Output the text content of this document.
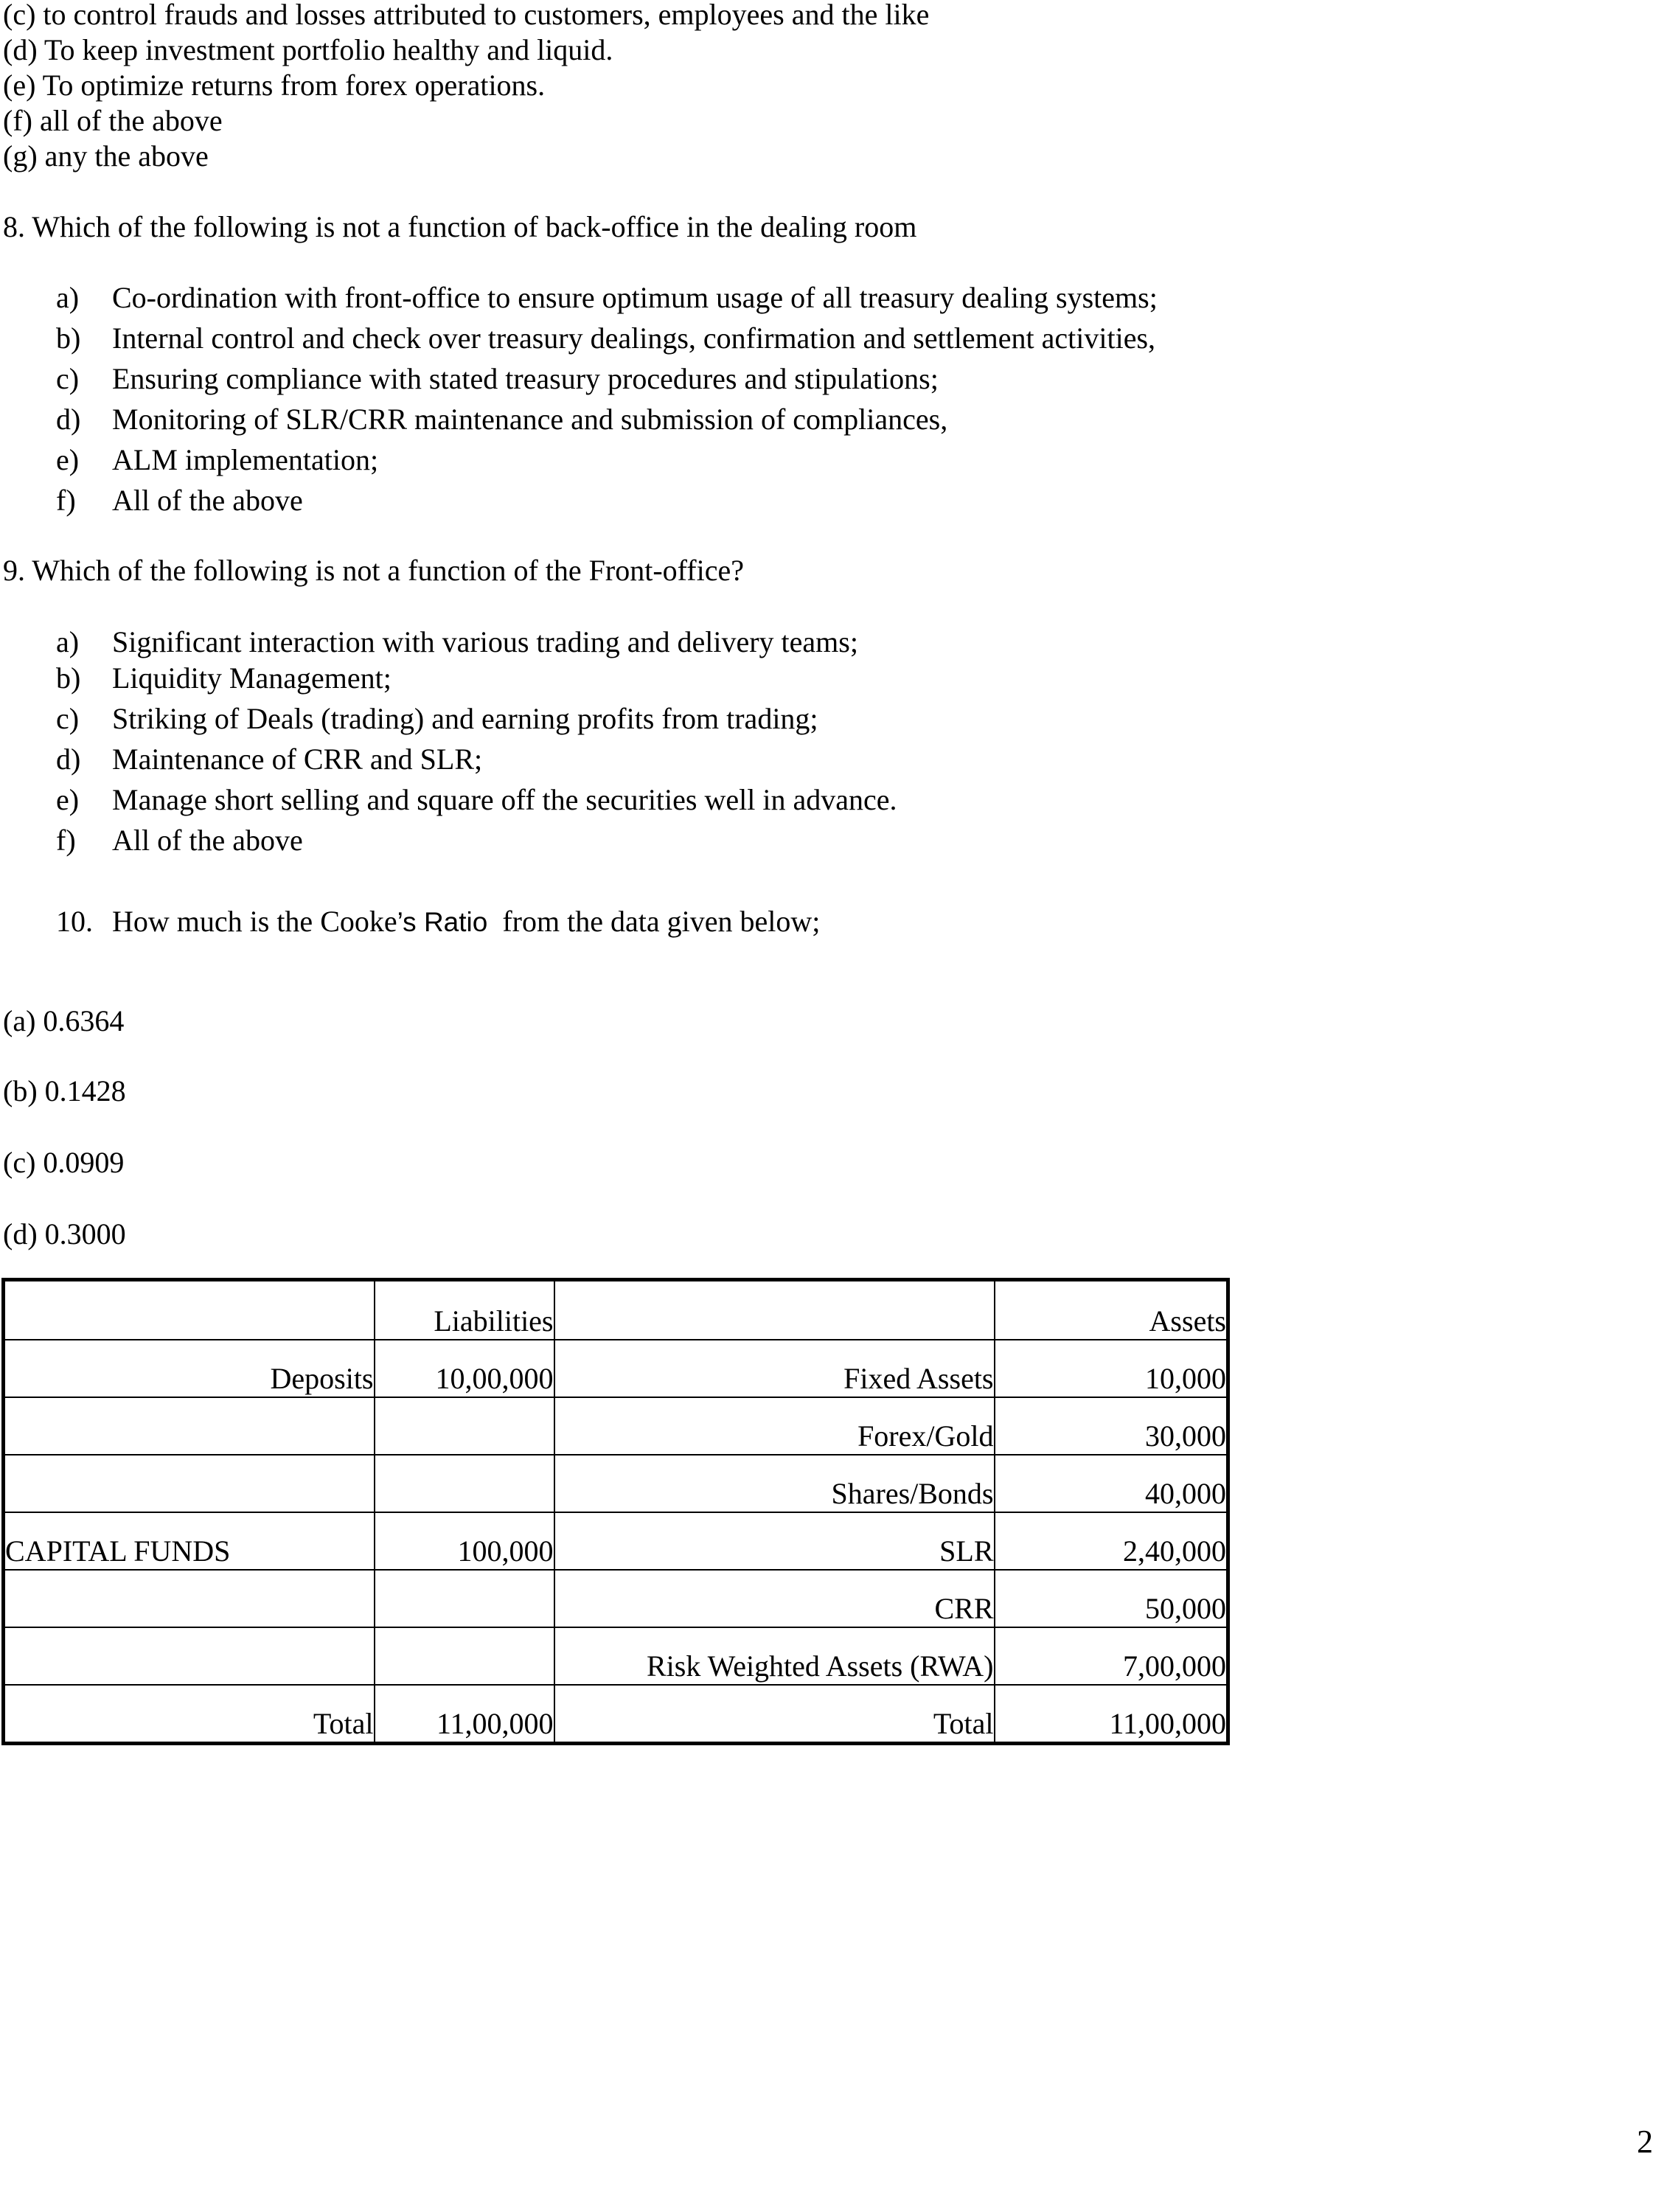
(c) to control frauds and losses attributed to customers, employees and the like
(d) To keep investment portfolio healthy and liquid.
(e) To optimize returns from forex operations.
(f) all of the above
(g) any the above
8. Which of the following is not a function of back-office in the dealing room
a) Co-ordination with front-office to ensure optimum usage of all treasury dealing systems;
b) Internal control and check over treasury dealings, confirmation and settlement activities,
c) Ensuring compliance with stated treasury procedures and stipulations;
d) Monitoring of SLR/CRR maintenance and submission of compliances,
e) ALM implementation;
f) All of the above
9. Which of the following is not a function of the Front-office?
a) Significant interaction with various trading and delivery teams;
b) Liquidity Management;
c) Striking of Deals (trading) and earning profits from trading;
d) Maintenance of CRR and SLR;
e) Manage short selling and square off the securities well in advance.
f) All of the above
10. How much is the Cooke’s Ratio  from the data given below;
(a) 0.6364
(b) 0.1428
(c) 0.0909
(d) 0.3000
	Liabilities		Assets
Deposits	10,00,000	Fixed Assets	10,000
		Forex/Gold	30,000
		Shares/Bonds	40,000
CAPITAL FUNDS	100,000	SLR	2,40,000
		CRR	50,000
		Risk Weighted Assets (RWA)	7,00,000
Total	11,00,000	Total	11,00,000
2
